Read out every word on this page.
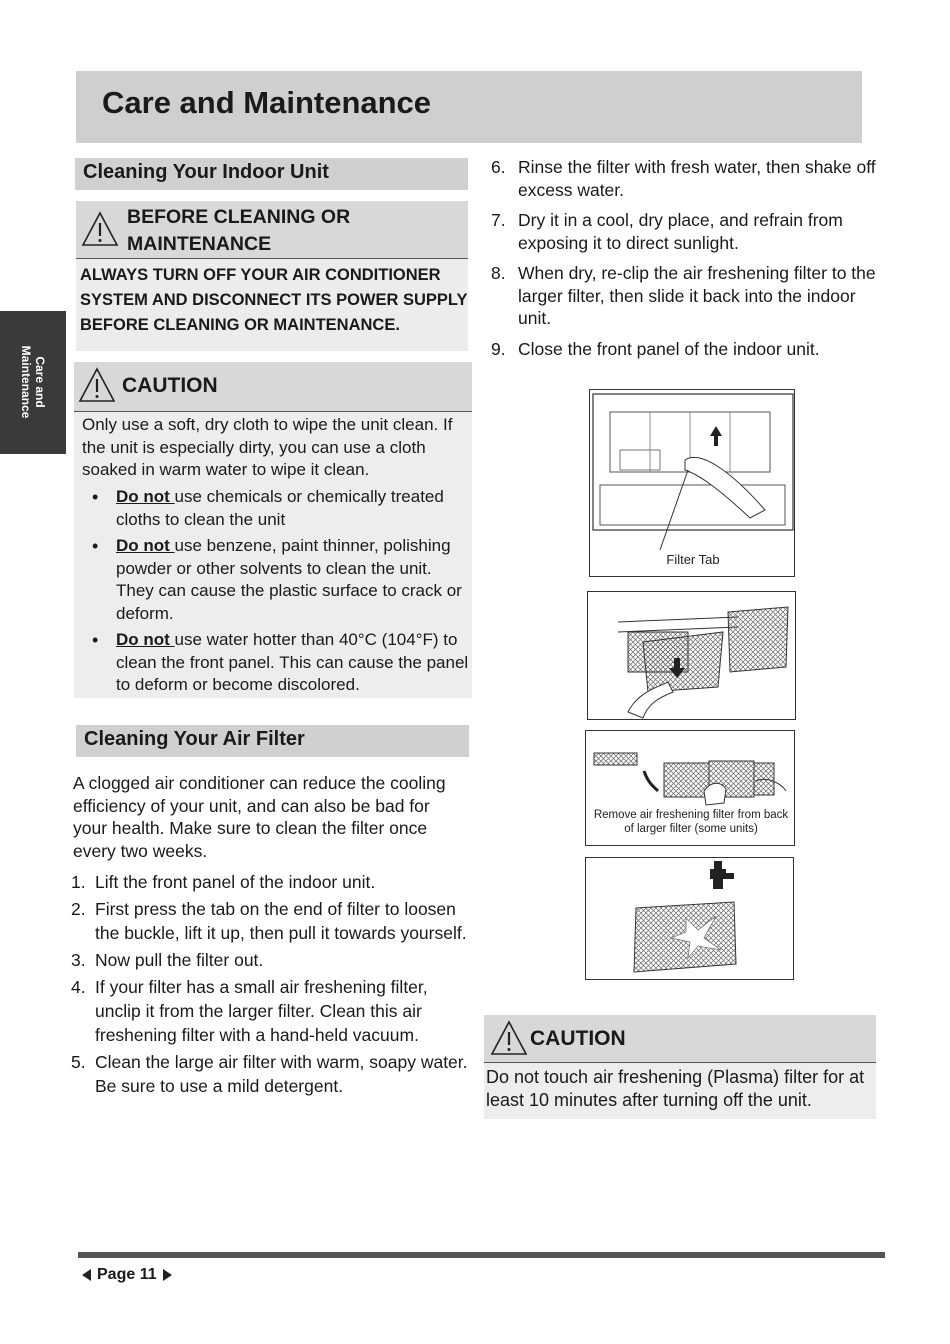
Care and Maintenance
Care and Maintenance
Cleaning Your Indoor Unit
BEFORE CLEANING OR MAINTENANCE
ALWAYS TURN OFF YOUR AIR CONDITIONER SYSTEM AND DISCONNECT ITS POWER SUPPLY BEFORE CLEANING OR MAINTENANCE.
CAUTION
Only use a soft, dry cloth to wipe the unit clean. If the unit is especially dirty, you can use a cloth soaked in warm water to wipe it clean.
• Do not use chemicals or chemically treated cloths to clean the unit
• Do not use benzene, paint thinner, polishing powder or other solvents to clean the unit. They can cause the plastic surface to crack or deform.
• Do not use water hotter than 40°C (104°F) to clean the front panel. This can cause the panel to deform or become discolored.
Cleaning Your Air Filter
A clogged air conditioner can reduce the cooling efficiency of your unit, and can also be bad for your health. Make sure to clean the filter once every two weeks.
1. Lift the front panel of the indoor unit.
2. First press the tab on the end of filter to loosen the buckle, lift it up, then pull it towards yourself.
3. Now pull the filter out.
4. If your filter has a small air freshening filter, unclip it from the larger filter. Clean this air freshening filter with a hand-held vacuum.
5. Clean the large air filter with warm, soapy water. Be sure to use a mild detergent.
6. Rinse the filter with fresh water, then shake off excess water.
7. Dry it in a cool, dry place, and refrain from exposing it to direct sunlight.
8. When dry, re-clip the air freshening filter to the larger filter, then slide it back into the indoor unit.
9. Close the front panel of the indoor unit.
Filter Tab
Remove air freshening filter from back of larger filter (some units)
CAUTION
Do not touch air freshening (Plasma) filter for at least 10 minutes after turning off the unit.
Page 11
